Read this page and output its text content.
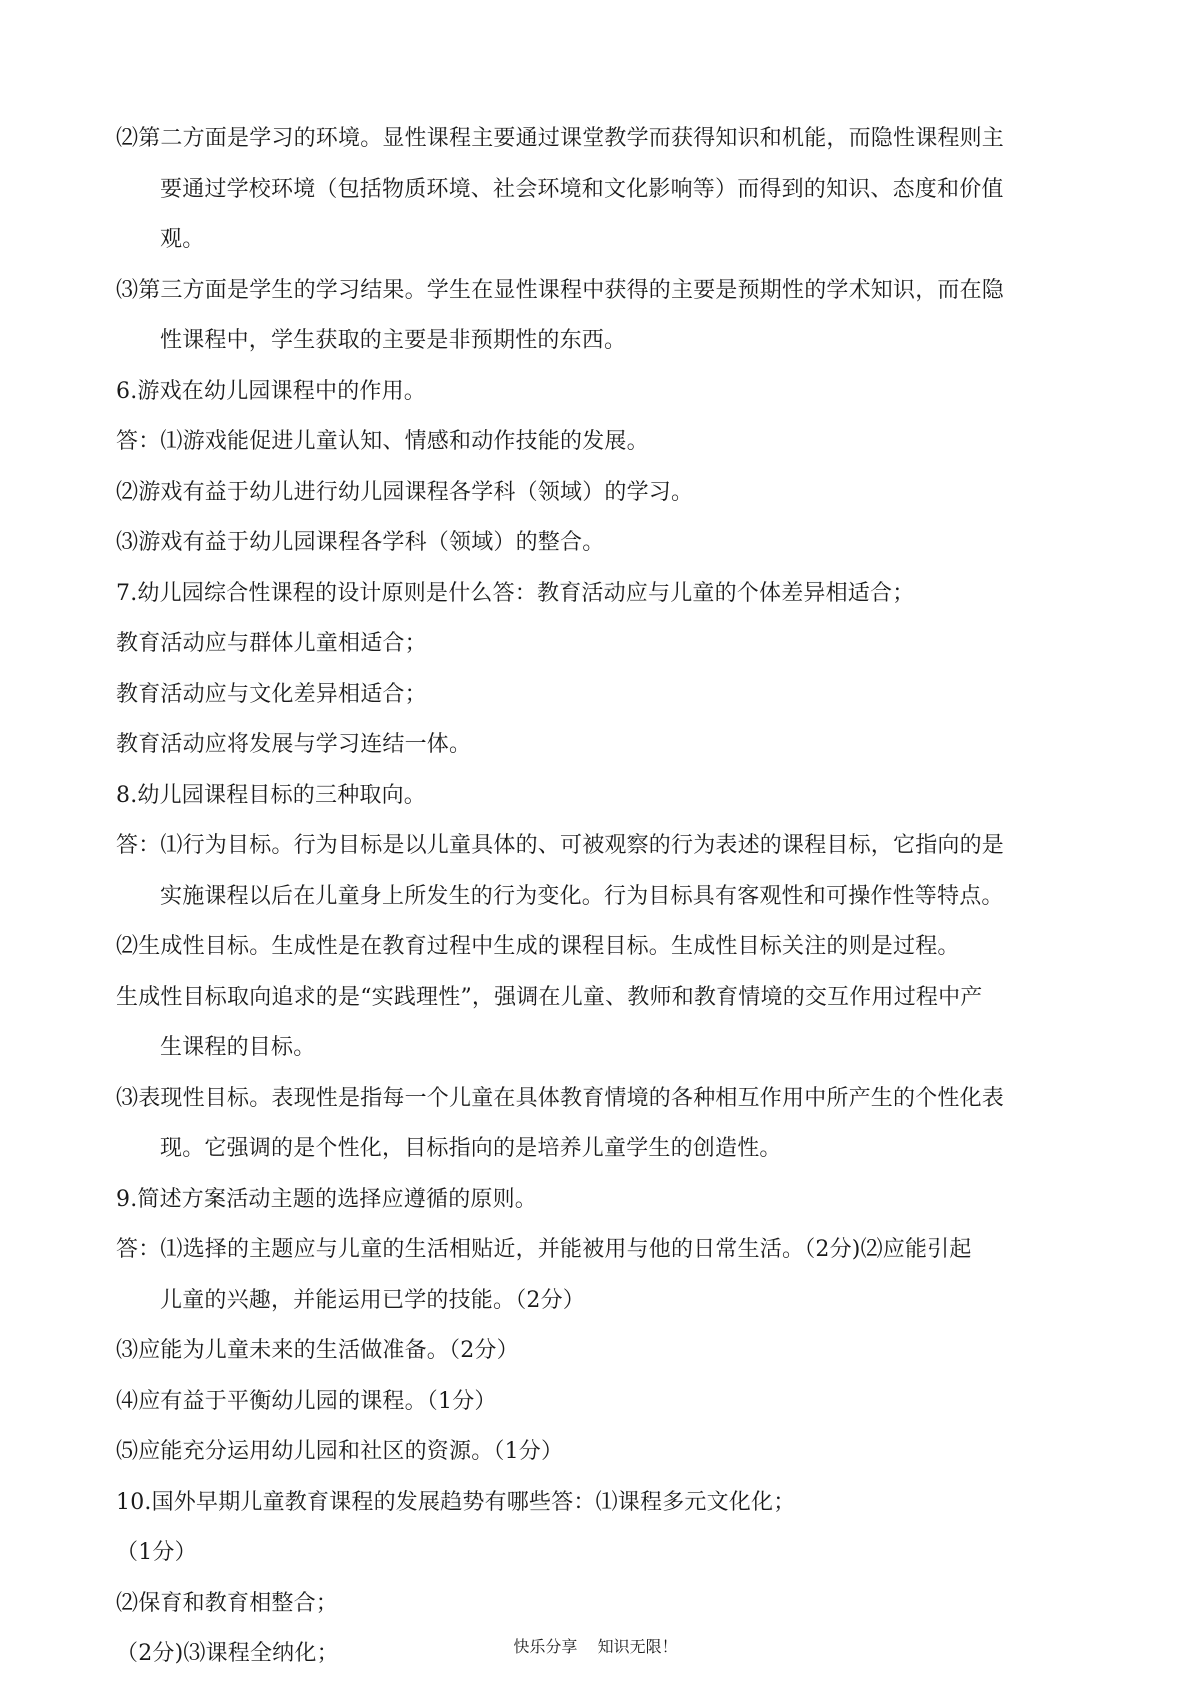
⑵第二方面是学习的环境。显性课程主要通过课堂教学而获得知识和机能，而隐性课程则主
要通过学校环境（包括物质环境、社会环境和文化影响等）而得到的知识、态度和价值
观。
⑶第三方面是学生的学习结果。学生在显性课程中获得的主要是预期性的学术知识，而在隐
性课程中，学生获取的主要是非预期性的东西。
6.游戏在幼儿园课程中的作用。
答：⑴游戏能促进儿童认知、情感和动作技能的发展。
⑵游戏有益于幼儿进行幼儿园课程各学科（领域）的学习。
⑶游戏有益于幼儿园课程各学科（领域）的整合。
7.幼儿园综合性课程的设计原则是什么答：教育活动应与儿童的个体差异相适合；
教育活动应与群体儿童相适合；
教育活动应与文化差异相适合；
教育活动应将发展与学习连结一体。
8.幼儿园课程目标的三种取向。
答：⑴行为目标。行为目标是以儿童具体的、可被观察的行为表述的课程目标，它指向的是
实施课程以后在儿童身上所发生的行为变化。行为目标具有客观性和可操作性等特点。
⑵生成性目标。生成性是在教育过程中生成的课程目标。生成性目标关注的则是过程。
生成性目标取向追求的是“实践理性”，强调在儿童、教师和教育情境的交互作用过程中产
生课程的目标。
⑶表现性目标。表现性是指每一个儿童在具体教育情境的各种相互作用中所产生的个性化表
现。它强调的是个性化，目标指向的是培养儿童学生的创造性。
9.简述方案活动主题的选择应遵循的原则。
答：⑴选择的主题应与儿童的生活相贴近，并能被用与他的日常生活。（2分)⑵应能引起
儿童的兴趣，并能运用已学的技能。（2分）
⑶应能为儿童未来的生活做准备。（2分）
⑷应有益于平衡幼儿园的课程。（1分）
⑸应能充分运用幼儿园和社区的资源。（1分）
10.国外早期儿童教育课程的发展趋势有哪些答：⑴课程多元文化化；
（1分）
⑵保育和教育相整合；
（2分)⑶课程全纳化；	快乐分享    知识无限！
